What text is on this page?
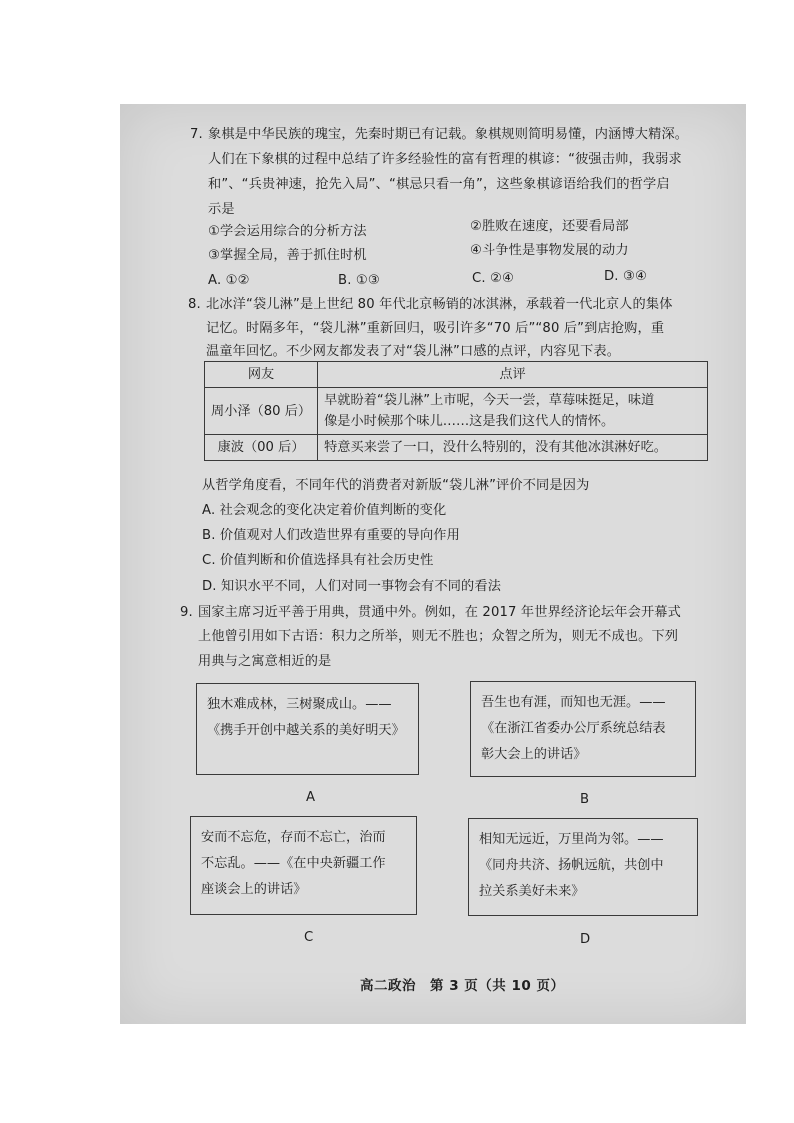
7. 象棋是中华民族的瑰宝，先秦时期已有记载。象棋规则简明易懂，内涵博大精深。
人们在下象棋的过程中总结了许多经验性的富有哲理的棋谚：“彼强击帅，我弱求
和”、“兵贵神速，抢先入局”、“棋忌只看一角”，这些象棋谚语给我们的哲学启
示是
①学会运用综合的分析方法	②胜败在速度，还要看局部
③掌握全局，善于抓住时机	④斗争性是事物发展的动力
A. ①②	B. ①③	C. ②④	D. ③④
8. 北冰洋“袋儿淋”是上世纪 80 年代北京畅销的冰淇淋，承载着一代北京人的集体
记忆。时隔多年，“袋儿淋”重新回归，吸引许多“70 后”“80 后”到店抢购，重
温童年回忆。不少网友都发表了对“袋儿淋”口感的点评，内容见下表。
网友	点评
周小泽（80 后）	早就盼着“袋儿淋”上市呢，今天一尝，草莓味挺足，味道
像是小时候那个味儿……这是我们这代人的情怀。

康波（00 后）	特意买来尝了一口，没什么特别的，没有其他冰淇淋好吃。
从哲学角度看，不同年代的消费者对新版“袋儿淋”评价不同是因为
A. 社会观念的变化决定着价值判断的变化
B. 价值观对人们改造世界有重要的导向作用
C. 价值判断和价值选择具有社会历史性
D. 知识水平不同，人们对同一事物会有不同的看法
9. 国家主席习近平善于用典，贯通中外。例如，在 2017 年世界经济论坛年会开幕式
上他曾引用如下古语：积力之所举，则无不胜也；众智之所为，则无不成也。下列
用典与之寓意相近的是
独木难成林，三树聚成山。——
《携手开创中越关系的美好明天》
A
吾生也有涯，而知也无涯。——
《在浙江省委办公厅系统总结表
彰大会上的讲话》
B
安而不忘危，存而不忘亡，治而
不忘乱。——《在中央新疆工作
座谈会上的讲话》
C
相知无远近，万里尚为邻。——
《同舟共济、扬帆远航，共创中
拉关系美好未来》
D
高二政治　第 3 页（共 10 页）
